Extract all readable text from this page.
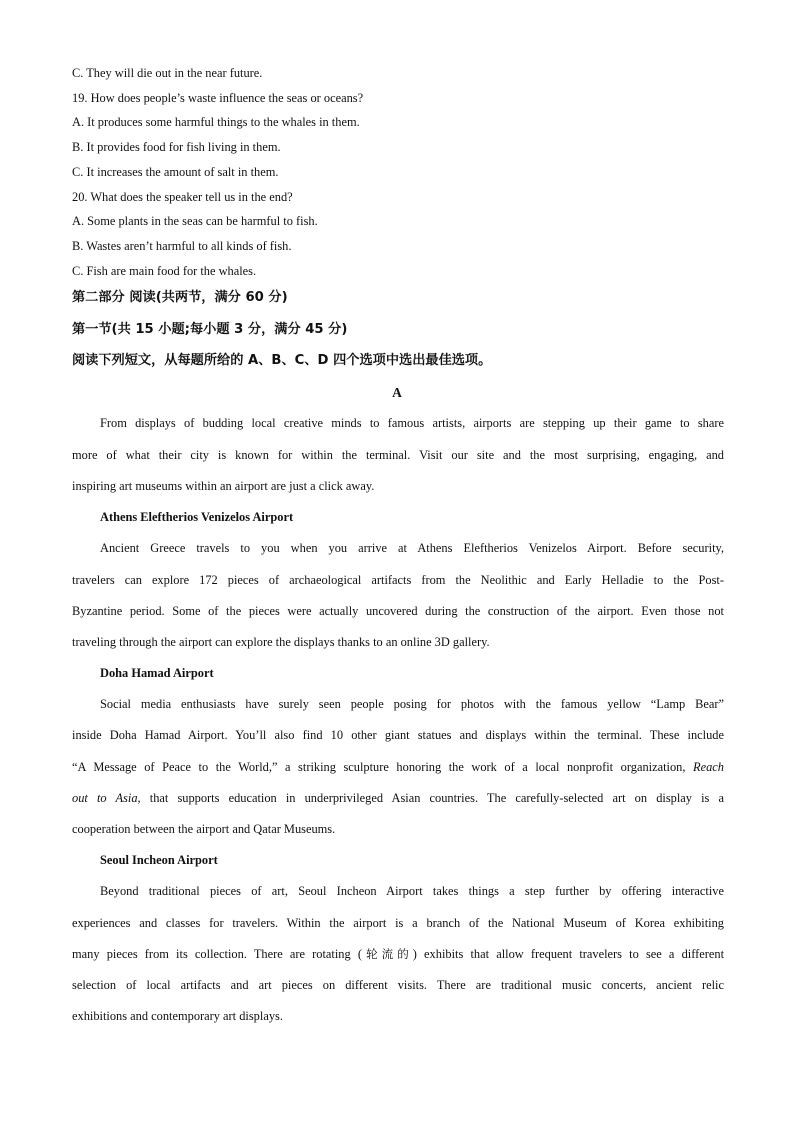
C. They will die out in the near future.
19. How does people’s waste influence the seas or oceans?
A. It produces some harmful things to the whales in them.
B. It provides food for fish living in them.
C. It increases the amount of salt in them.
20. What does the speaker tell us in the end?
A. Some plants in the seas can be harmful to fish.
B. Wastes aren’t harmful to all kinds of fish.
C. Fish are main food for the whales.
第二部分 阅读(共两节，满分 60 分)
第一节(共 15 小题;每小题 3 分，满分 45 分)
阅读下列短文，从每题所给的 A、B、C、D 四个选项中选出最佳选项。
A
From displays of budding local creative minds to famous artists, airports are stepping up their game to share
more of what their city is known for within the terminal. Visit our site and the most surprising, engaging, and
inspiring art museums within an airport are just a click away.
Athens Eleftherios Venizelos Airport
Ancient Greece travels to you when you arrive at Athens Eleftherios Venizelos Airport. Before security,
travelers can explore 172 pieces of archaeological artifacts from the Neolithic and Early Helladie to the Post-
Byzantine period. Some of the pieces were actually uncovered during the construction of the airport. Even those not
traveling through the airport can explore the displays thanks to an online 3D gallery.
Doha Hamad Airport
Social media enthusiasts have surely seen people posing for photos with the famous yellow “Lamp Bear”
inside Doha Hamad Airport. You’ll also find 10 other giant statues and displays within the terminal. These include
“A Message of Peace to the World,” a striking sculpture honoring the work of a local nonprofit organization, Reach
out to Asia, that supports education in underprivileged Asian countries. The carefully-selected art on display is a
cooperation between the airport and Qatar Museums.
Seoul Incheon Airport
Beyond traditional pieces of art, Seoul Incheon Airport takes things a step further by offering interactive
experiences and classes for travelers. Within the airport is a branch of the National Museum of Korea exhibiting
many pieces from its collection. There are rotating (轮流的) exhibits that allow frequent travelers to see a different
selection of local artifacts and art pieces on different visits. There are traditional music concerts, ancient relic
exhibitions and contemporary art displays.
